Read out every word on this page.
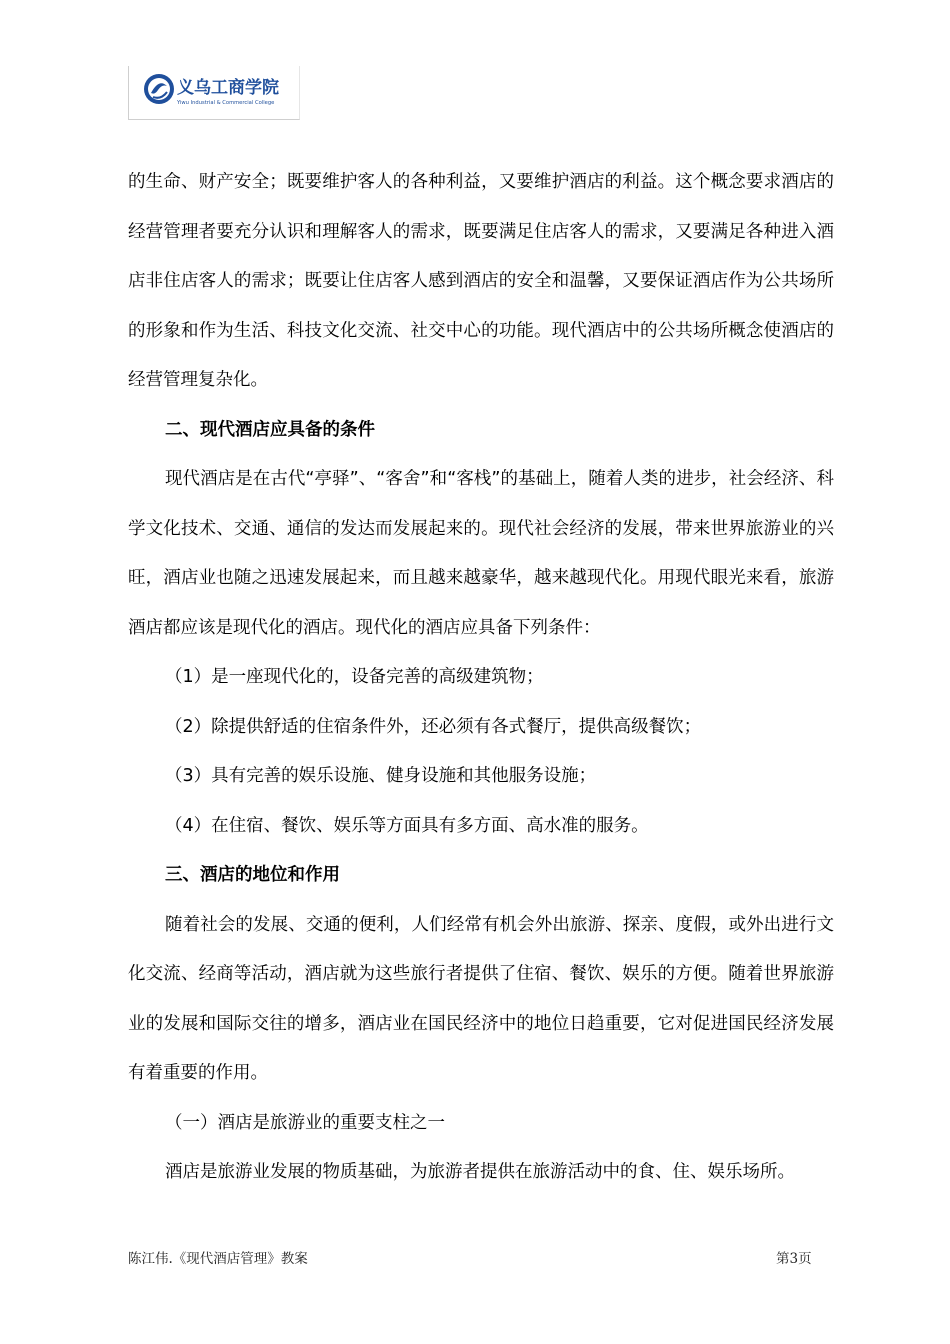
义乌工商学院
Yiwu Industrial & Commercial College

的生命、财产安全；既要维护客人的各种利益，又要维护酒店的利益。这个概念要求酒店的经营管理者要充分认识和理解客人的需求，既要满足住店客人的需求，又要满足各种进入酒店非住店客人的需求；既要让住店客人感到酒店的安全和温馨，又要保证酒店作为公共场所的形象和作为生活、科技文化交流、社交中心的功能。现代酒店中的公共场所概念使酒店的经营管理复杂化。

二、现代酒店应具备的条件

现代酒店是在古代“亭驿”、“客舍”和“客栈”的基础上，随着人类的进步，社会经济、科学文化技术、交通、通信的发达而发展起来的。现代社会经济的发展，带来世界旅游业的兴旺，酒店业也随之迅速发展起来，而且越来越豪华，越来越现代化。用现代眼光来看，旅游酒店都应该是现代化的酒店。现代化的酒店应具备下列条件：

（1）是一座现代化的，设备完善的高级建筑物；

（2）除提供舒适的住宿条件外，还必须有各式餐厅，提供高级餐饮；

（3）具有完善的娱乐设施、健身设施和其他服务设施；

（4）在住宿、餐饮、娱乐等方面具有多方面、高水准的服务。

三、酒店的地位和作用

随着社会的发展、交通的便利，人们经常有机会外出旅游、探亲、度假，或外出进行文化交流、经商等活动，酒店就为这些旅行者提供了住宿、餐饮、娱乐的方便。随着世界旅游业的发展和国际交往的增多，酒店业在国民经济中的地位日趋重要，它对促进国民经济发展有着重要的作用。

（一）酒店是旅游业的重要支柱之一

酒店是旅游业发展的物质基础，为旅游者提供在旅游活动中的食、住、娱乐场所。

陈江伟.《现代酒店管理》教案	第3页
